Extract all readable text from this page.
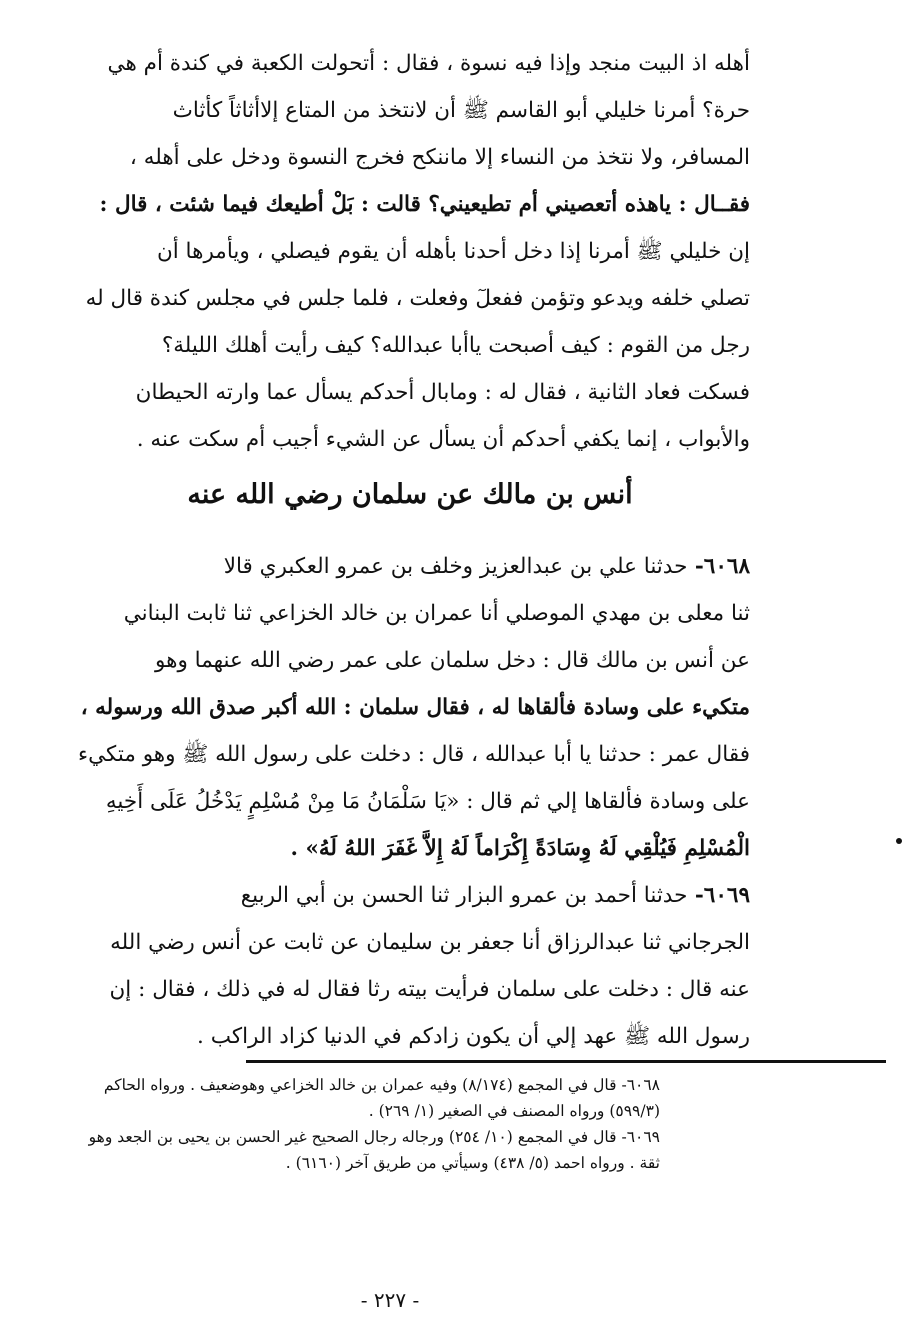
أهله اذ البيت منجد وإذا فيه نسوة ، فقال : أتحولت الكعبة في كندة أم هي
حرة؟ أمرنا خليلي أبو القاسم ﷺ أن لانتخذ من المتاع إلاأثاثاً كأثاث
المسافر، ولا نتخذ من النساء إلا ماننكح فخرج النسوة ودخل على أهله ،
فقــال : ياهذه أتعصيني أم تطيعيني؟ قالت : بَلْ أطيعك فيما شئت ، قال :
إن خليلي ﷺ أمرنا إذا دخل أحدنا بأهله أن يقوم فيصلي ، ويأمرها أن
تصلي خلفه ويدعو وتؤمن ففعلٓ وفعلت ، فلما جلس في مجلس كندة قال له
رجل من القوم : كيف أصبحت ياأبا عبدالله؟ كيف رأيت أهلك الليلة؟
فسكت فعاد الثانية ، فقال له : ومابال أحدكم يسأل عما وارته الحيطان
والأبواب ، إنما يكفي أحدكم أن يسأل عن الشيء أجيب أم سكت عنه .

أنس بن مالك عن سلمان رضي الله عنه

٦٠٦٨- حدثنا علي بن عبدالعزيز وخلف بن عمرو العكبري قالا
ثنا معلى بن مهدي الموصلي أنا عمران بن خالد الخزاعي ثنا ثابت البناني
عن أنس بن مالك قال : دخل سلمان على عمر رضي الله عنهما وهو
متكيء على وسادة فألقاها له ، فقال سلمان : الله أكبر صدق الله ورسوله ،
فقال عمر : حدثنا يا أبا عبدالله ، قال : دخلت على رسول الله ﷺ وهو متكيء
على وسادة فألقاها إلي ثم قال : «يَا سَلْمَانُ مَا مِنْ مُسْلِمٍ يَدْخُلُ عَلَى أَخِيهِ
الْمُسْلِمِ فَيُلْقِي لَهُ وِسَادَةً إِكْرَاماً لَهُ إِلاَّ غَفَرَ اللهُ لَهُ» .

٦٠٦٩- حدثنا أحمد بن عمرو البزار ثنا الحسن بن أبي الربيع
الجرجاني ثنا عبدالرزاق أنا جعفر بن سليمان عن ثابت عن أنس رضي الله
عنه قال : دخلت على سلمان فرأيت بيته رثا فقال له في ذلك ، فقال : إن
رسول الله ﷺ عهد إلي أن يكون زادكم في الدنيا كزاد الراكب .

٦٠٦٨- قال في المجمع (٨/١٧٤) وفيه عمران بن خالد الخزاعي وهوضعيف . ورواه الحاكم
(٥٩٩/٣) ورواه المصنف في الصغير (١/ ٢٦٩) .
٦٠٦٩- قال في المجمع (١٠/ ٢٥٤) ورجاله رجال الصحيح غير الحسن بن يحيى بن الجعد وهو
ثقة . ورواه احمد (٥/ ٤٣٨) وسيأتي من طريق آخر (٦١٦٠) .
- ٢٢٧ -
